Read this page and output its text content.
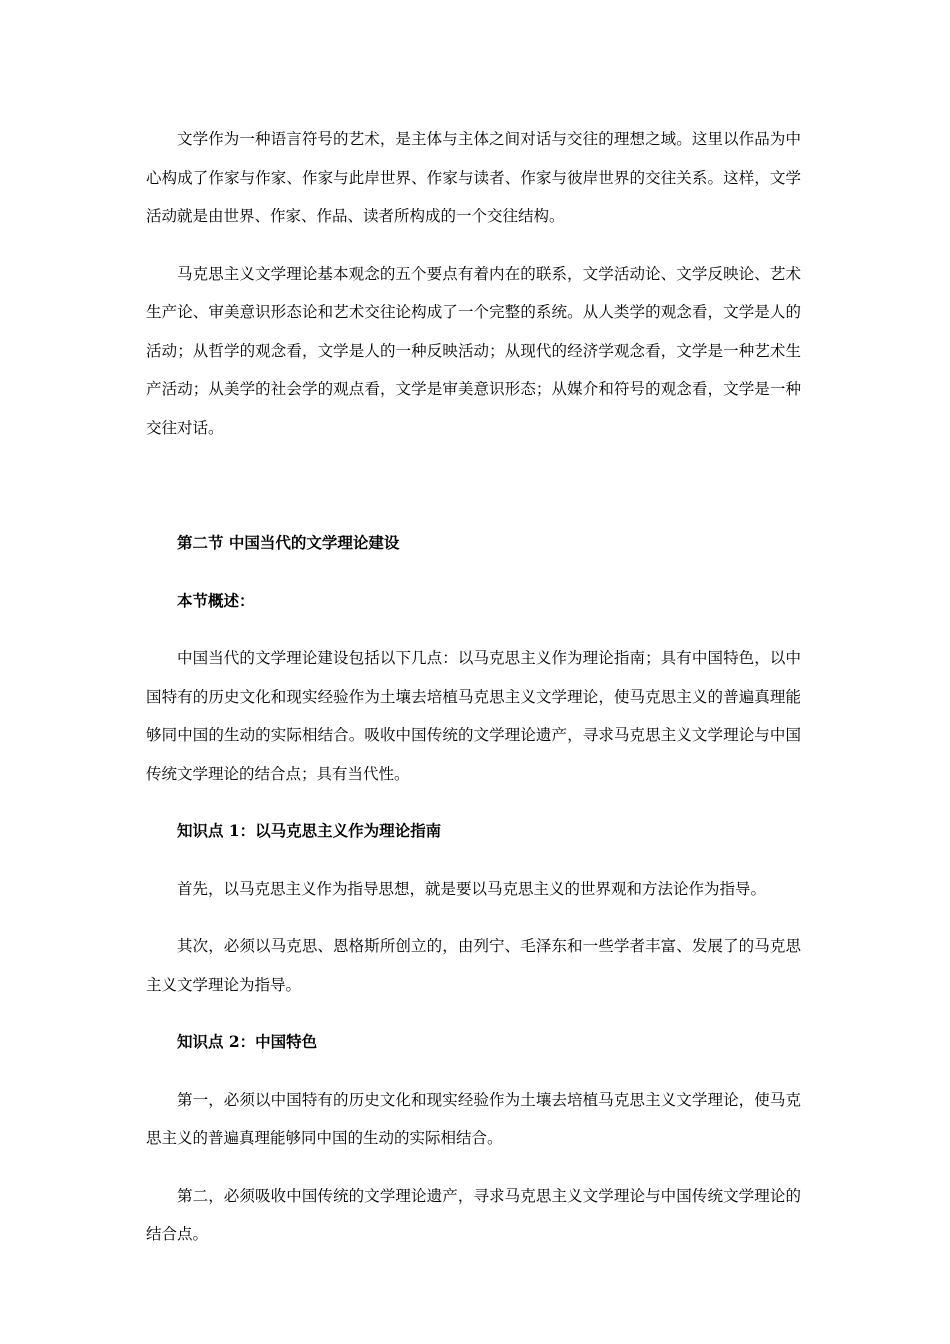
文学作为一种语言符号的艺术，是主体与主体之间对话与交往的理想之域。这里以作品为中心构成了作家与作家、作家与此岸世界、作家与读者、作家与彼岸世界的交往关系。这样，文学活动就是由世界、作家、作品、读者所构成的一个交往结构。

马克思主义文学理论基本观念的五个要点有着内在的联系，文学活动论、文学反映论、艺术生产论、审美意识形态论和艺术交往论构成了一个完整的系统。从人类学的观念看，文学是人的活动；从哲学的观念看，文学是人的一种反映活动；从现代的经济学观念看，文学是一种艺术生产活动；从美学的社会学的观点看，文学是审美意识形态；从媒介和符号的观念看，文学是一种交往对话。

第二节 中国当代的文学理论建设

本节概述：

中国当代的文学理论建设包括以下几点：以马克思主义作为理论指南；具有中国特色，以中国特有的历史文化和现实经验作为土壤去培植马克思主义文学理论，使马克思主义的普遍真理能够同中国的生动的实际相结合。吸收中国传统的文学理论遗产，寻求马克思主义文学理论与中国传统文学理论的结合点；具有当代性。

知识点 1：以马克思主义作为理论指南

首先，以马克思主义作为指导思想，就是要以马克思主义的世界观和方法论作为指导。

其次，必须以马克思、恩格斯所创立的，由列宁、毛泽东和一些学者丰富、发展了的马克思主义文学理论为指导。

知识点 2：中国特色

第一，必须以中国特有的历史文化和现实经验作为土壤去培植马克思主义文学理论，使马克思主义的普遍真理能够同中国的生动的实际相结合。

第二，必须吸收中国传统的文学理论遗产，寻求马克思主义文学理论与中国传统文学理论的结合点。
